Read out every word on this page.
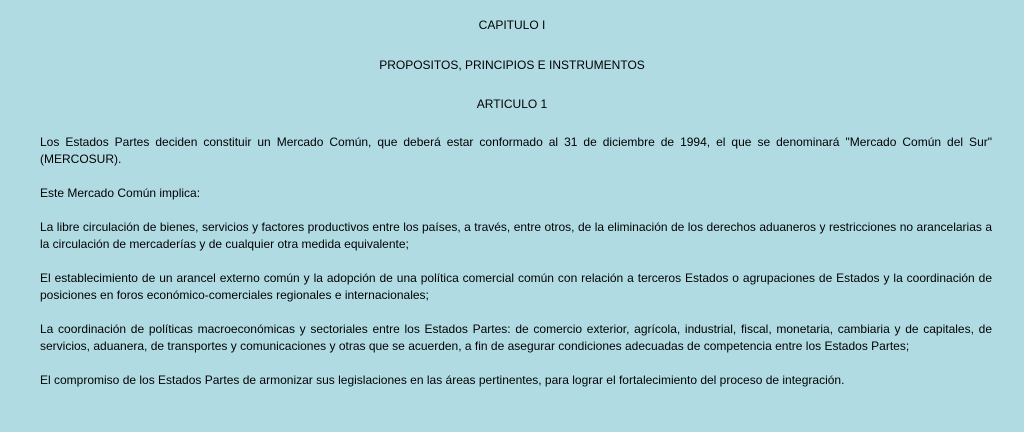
CAPITULO I

PROPOSITOS, PRINCIPIOS E INSTRUMENTOS

ARTICULO 1

Los Estados Partes deciden constituir un Mercado Común, que deberá estar conformado al 31 de diciembre de 1994, el que se denominará "Mercado Común del Sur" (MERCOSUR).

Este Mercado Común implica:

La libre circulación de bienes, servicios y factores productivos entre los países, a través, entre otros, de la eliminación de los derechos aduaneros y restricciones no arancelarias a la circulación de mercaderías y de cualquier otra medida equivalente;

El establecimiento de un arancel externo común y la adopción de una política comercial común con relación a terceros Estados o agrupaciones de Estados y la coordinación de posiciones en foros económico-comerciales regionales e internacionales;

La coordinación de políticas macroeconómicas y sectoriales entre los Estados Partes: de comercio exterior, agrícola, industrial, fiscal, monetaria, cambiaria y de capitales, de servicios, aduanera, de transportes y comunicaciones y otras que se acuerden, a fin de asegurar condiciones adecuadas de competencia entre los Estados Partes;

El compromiso de los Estados Partes de armonizar sus legislaciones en las áreas pertinentes, para lograr el fortalecimiento del proceso de integración.
